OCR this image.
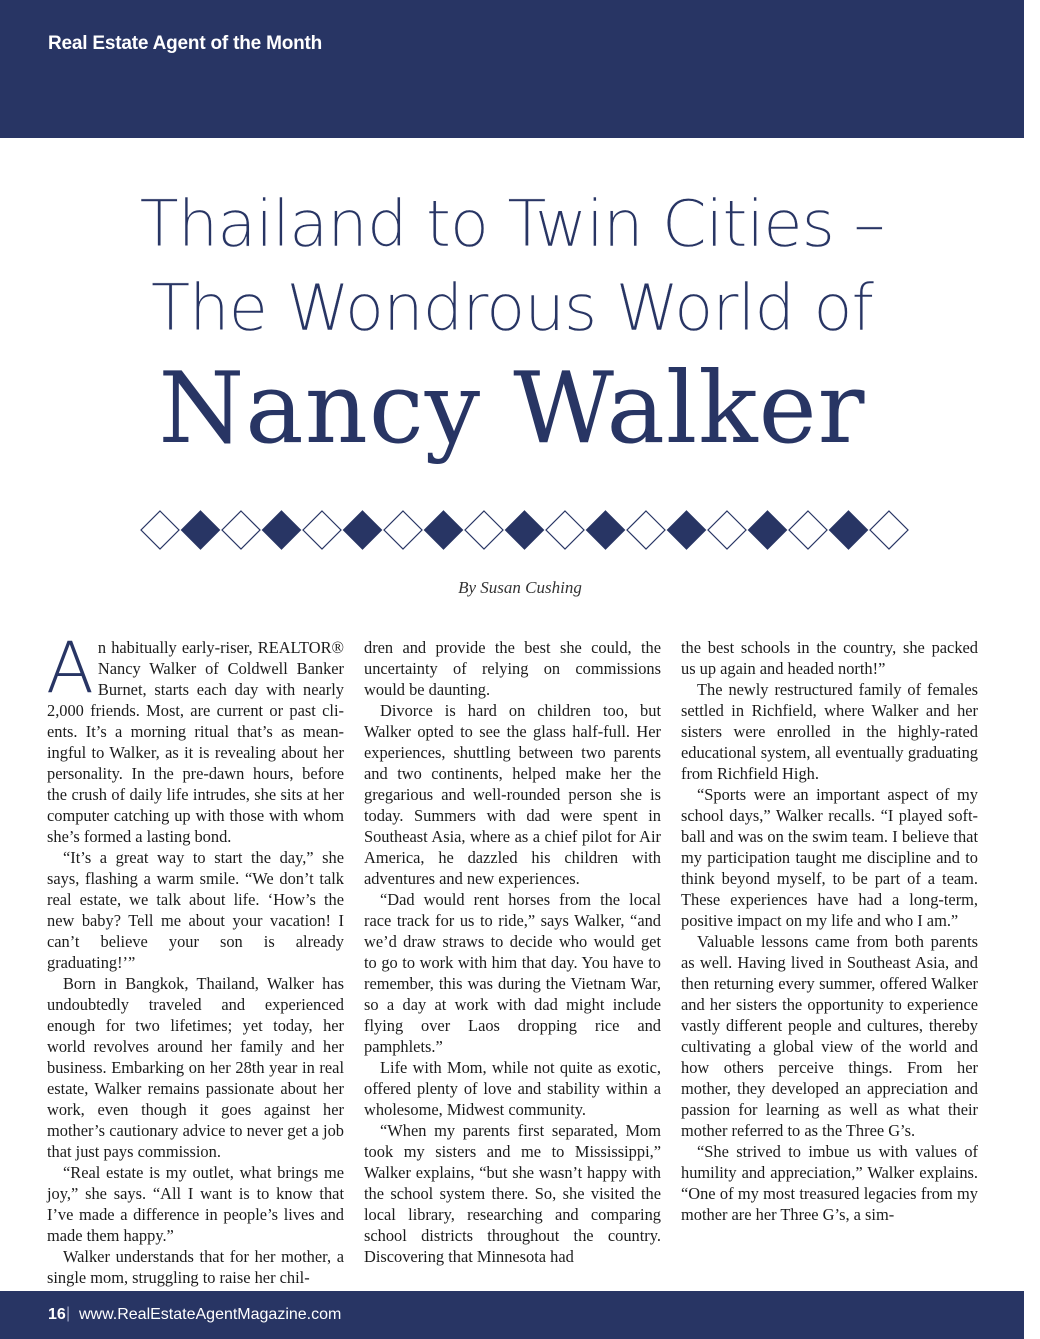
Real Estate Agent of the Month
Thailand to Twin Cities –
The Wondrous World of
Nancy Walker
By Susan Cushing

An habitually early-riser, REALTOR® Nancy Walker of Coldwell Banker Burnet, starts each day with nearly 2,000 friends. Most, are current or past clients. It’s a morning ritual that’s as meaningful to Walker, as it is revealing about her personality. In the pre-dawn hours, before the crush of daily life intrudes, she sits at her computer catching up with those with whom she’s formed a lasting bond.

“It’s a great way to start the day,” she says, flashing a warm smile. “We don’t talk real estate, we talk about life. ‘How’s the new baby? Tell me about your vacation! I can’t believe your son is already graduating!’”

Born in Bangkok, Thailand, Walker has undoubtedly traveled and experienced enough for two lifetimes; yet today, her world revolves around her family and her business. Embarking on her 28th year in real estate, Walker remains passionate about her work, even though it goes against her mother’s cautionary advice to never get a job that just pays commission.

“Real estate is my outlet, what brings me joy,” she says. “All I want is to know that I’ve made a difference in people’s lives and made them happy.”

Walker understands that for her mother, a single mom, struggling to raise her chil-

dren and provide the best she could, the uncertainty of relying on commissions would be daunting.

Divorce is hard on children too, but Walker opted to see the glass half-full. Her experiences, shuttling between two parents and two continents, helped make her the gregarious and well-rounded person she is today. Summers with dad were spent in Southeast Asia, where as a chief pilot for Air America, he dazzled his children with adventures and new experiences.

“Dad would rent horses from the local race track for us to ride,” says Walker, “and we’d draw straws to decide who would get to go to work with him that day. You have to remember, this was during the Vietnam War, so a day at work with dad might include flying over Laos dropping rice and pamphlets.”

Life with Mom, while not quite as exotic, offered plenty of love and stability within a wholesome, Midwest community.

“When my parents first separated, Mom took my sisters and me to Mississippi,” Walker explains, “but she wasn’t happy with the school system there. So, she visited the local library, researching and comparing school districts throughout the country. Discovering that Minnesota had

the best schools in the country, she packed us up again and headed north!”

The newly restructured family of females settled in Richfield, where Walker and her sisters were enrolled in the highly-rated educational system, all eventually graduating from Richfield High.

“Sports were an important aspect of my school days,” Walker recalls. “I played softball and was on the swim team. I believe that my participation taught me discipline and to think beyond myself, to be part of a team. These experiences have had a long-term, positive impact on my life and who I am.”

Valuable lessons came from both parents as well. Having lived in Southeast Asia, and then returning every summer, offered Walker and her sisters the opportunity to experience vastly different people and cultures, thereby cultivating a global view of the world and how others perceive things. From her mother, they developed an appreciation and passion for learning as well as what their mother referred to as the Three G’s.

“She strived to imbue us with values of humility and appreciation,” Walker explains. “One of my most treasured legacies from my mother are her Three G’s, a sim-

16 | www.RealEstateAgentMagazine.com
